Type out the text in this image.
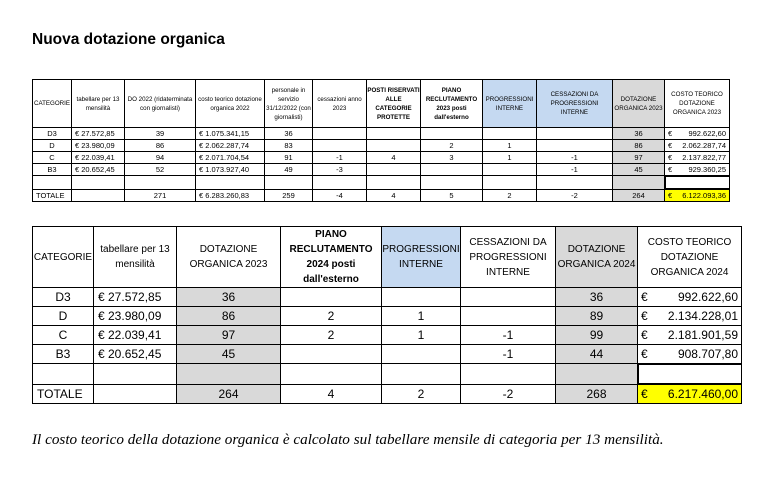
Nuova dotazione organica
CATEGORIE	tabellare per 13 mensilità	DO 2022 (ridaterminata con giornalisti)	costo teorico dotazione organica 2022	personale in servizio 31/12/2022 (con giornalisti)	cessazioni anno 2023	POSTI RISERVATI ALLE CATEGORIE PROTETTE	PIANO RECLUTAMENTO 2023 posti dall'esterno	PROGRESSIONI INTERNE	CESSAZIONI DA PROGRESSIONI INTERNE	DOTAZIONE ORGANICA 2023	COSTO TEORICO DOTAZIONE ORGANICA 2023
D3	€ 27.572,85	39	€ 1.075.341,15	36						36	€ 992.622,60

D	€ 23.980,09	86	€ 2.062.287,74	83			2	1		86	€ 2.062.287,74

C	€ 22.039,41	94	€ 2.071.704,54	91	-1	4	3	1	-1	97	€ 2.137.822,77

B3	€ 20.652,45	52	€ 1.073.927,40	49	-3				-1	45	€ 929.360,25

TOTALE		271	€ 6.283.260,83	259	-4	4	5	2	-2	264	€ 6.122.093,36
CATEGORIE	tabellare per 13 mensilità	DOTAZIONE ORGANICA 2023	PIANO RECLUTAMENTO 2024 posti dall'esterno	PROGRESSIONI INTERNE	CESSAZIONI DA PROGRESSIONI INTERNE	DOTAZIONE ORGANICA 2024	COSTO TEORICO DOTAZIONE ORGANICA 2024
D3	€ 27.572,85	36				36	€ 992.622,60

D	€ 23.980,09	86	2	1		89	€ 2.134.228,01

C	€ 22.039,41	97	2	1	-1	99	€ 2.181.901,59

B3	€ 20.652,45	45			-1	44	€ 908.707,80

TOTALE		264	4	2	-2	268	€ 6.217.460,00
Il costo teorico della dotazione organica è calcolato sul tabellare mensile di categoria per 13 mensilità.
